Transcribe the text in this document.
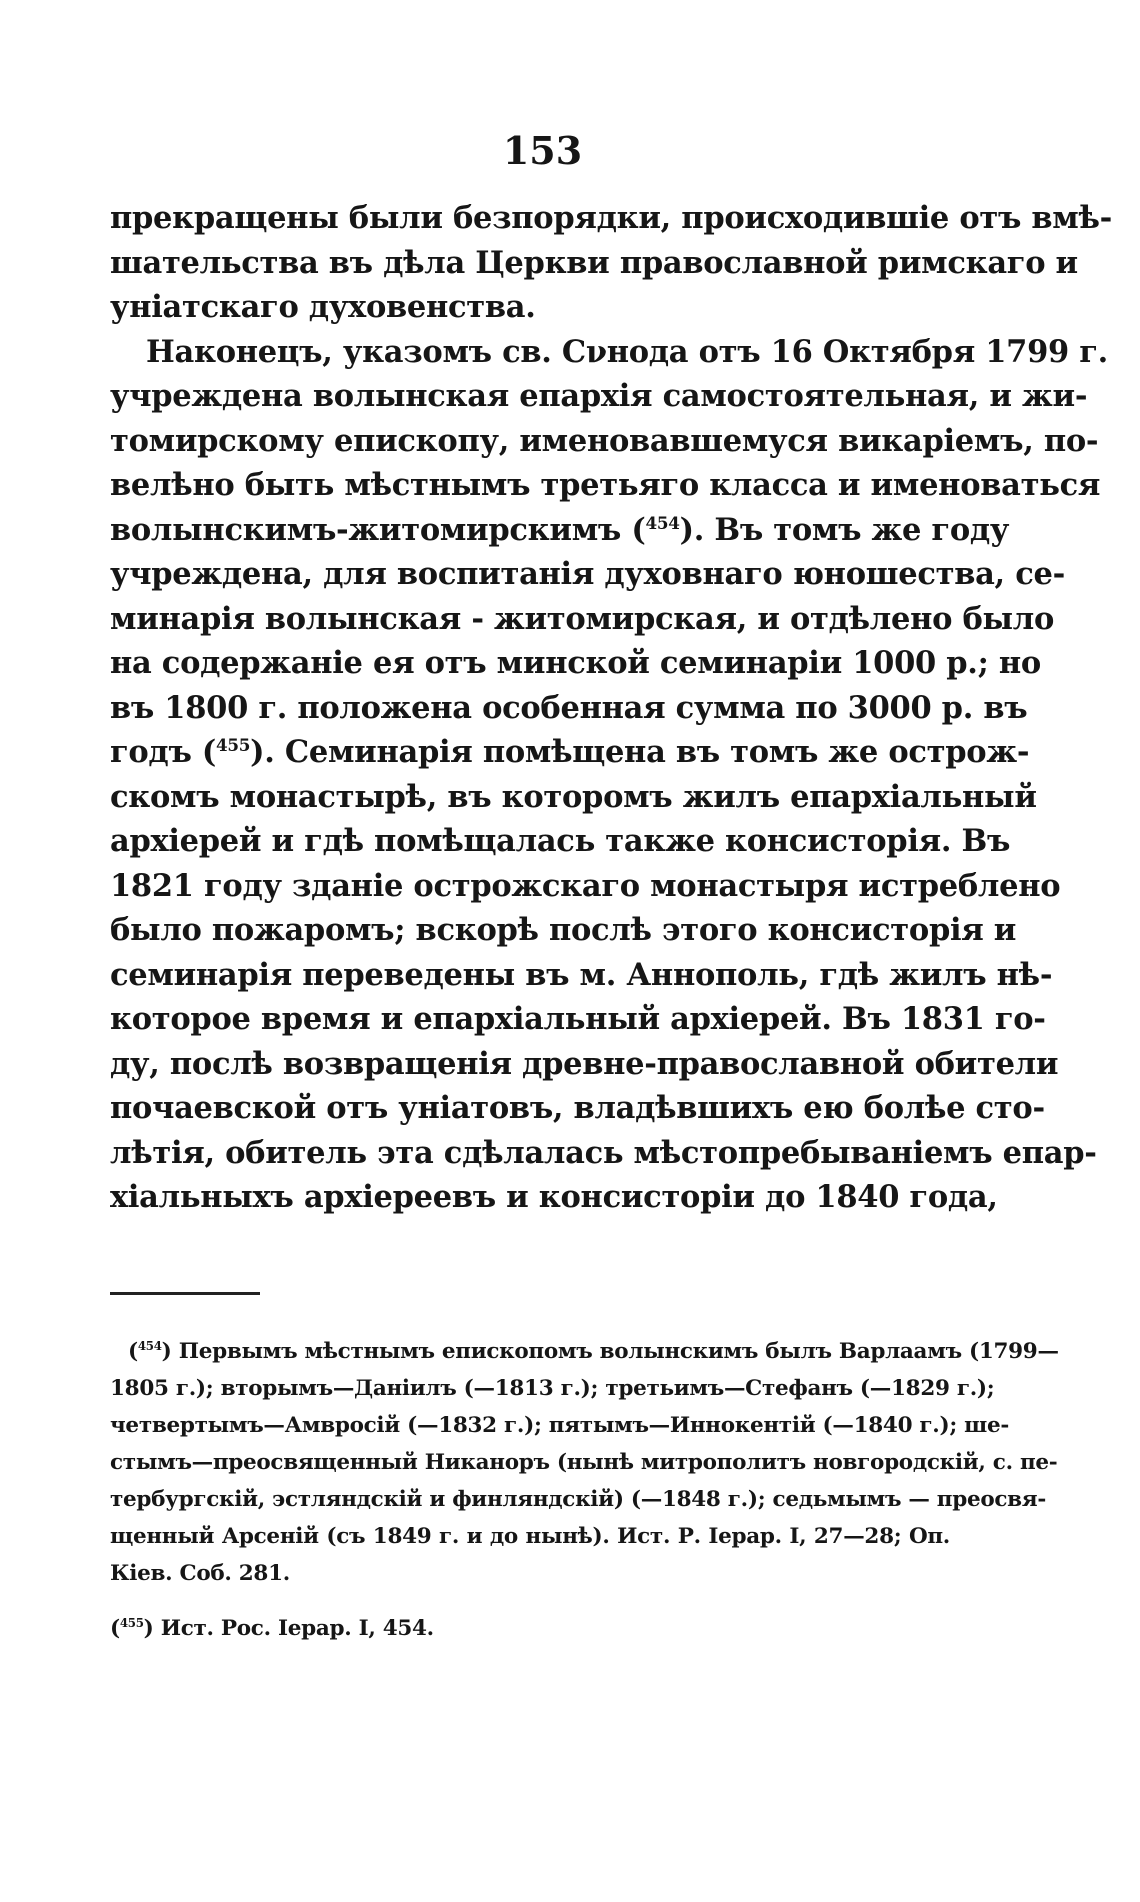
153
прекращены были безпорядки, происходившіе отъ вмѣ-
шательства въ дѣла Церкви православной римскаго и
уніатскаго духовенства.
Наконецъ, указомъ св. Сνнода отъ 16 Октября 1799 г.
учреждена волынская епархія самостоятельная, и жи-
томирскому епископу, именовавшемуся викаріемъ, по-
велѣно быть мѣстнымъ третьяго класса и именоваться
волынскимъ-житомирскимъ ($^{454}$). Въ томъ же году
учреждена, для воспитанія духовнаго юношества, се-
минарія волынская - житомирская, и отдѣлено было
на содержаніе ея отъ минской семинаріи 1000 р.; но
въ 1800 г. положена особенная сумма по 3000 р. въ
годъ ($^{455}$). Семинарія помѣщена въ томъ же острож-
скомъ монастырѣ, въ которомъ жилъ епархіальный
архіерей и гдѣ помѣщалась также консисторія. Въ
1821 году зданіе острожскаго монастыря истреблено
было пожаромъ; вскорѣ послѣ этого консисторія и
семинарія переведены въ м. Аннополь, гдѣ жилъ нѣ-
которое время и епархіальный архіерей. Въ 1831 го-
ду, послѣ возвращенія древне-православной обители
почаевской отъ уніатовъ, владѣвшихъ ею болѣе сто-
лѣтія, обитель эта сдѣлалась мѣстопребываніемъ епар-
хіальныхъ архіереевъ и консисторіи до 1840 года,
($^{454}$) Первымъ мѣстнымъ епископомъ волынскимъ былъ Варлаамъ (1799—
1805 г.); вторымъ—Даніилъ (—1813 г.); третьимъ—Стефанъ (—1829 г.);
четвертымъ—Амвросій (—1832 г.); пятымъ—Иннокентій (—1840 г.); ше-
стымъ—преосвященный Никаноръ (нынѣ митрополитъ новгородскій, с. пе-
тербургскій, эстляндскій и финляндскій) (—1848 г.); седьмымъ — преосвя-
щенный Арсеній (съ 1849 г. и до нынѣ). Ист. Р. Іерар. I, 27—28; Оп.
Кіев. Соб. 281.
($^{455}$) Ист. Рос. Іерар. I, 454.
